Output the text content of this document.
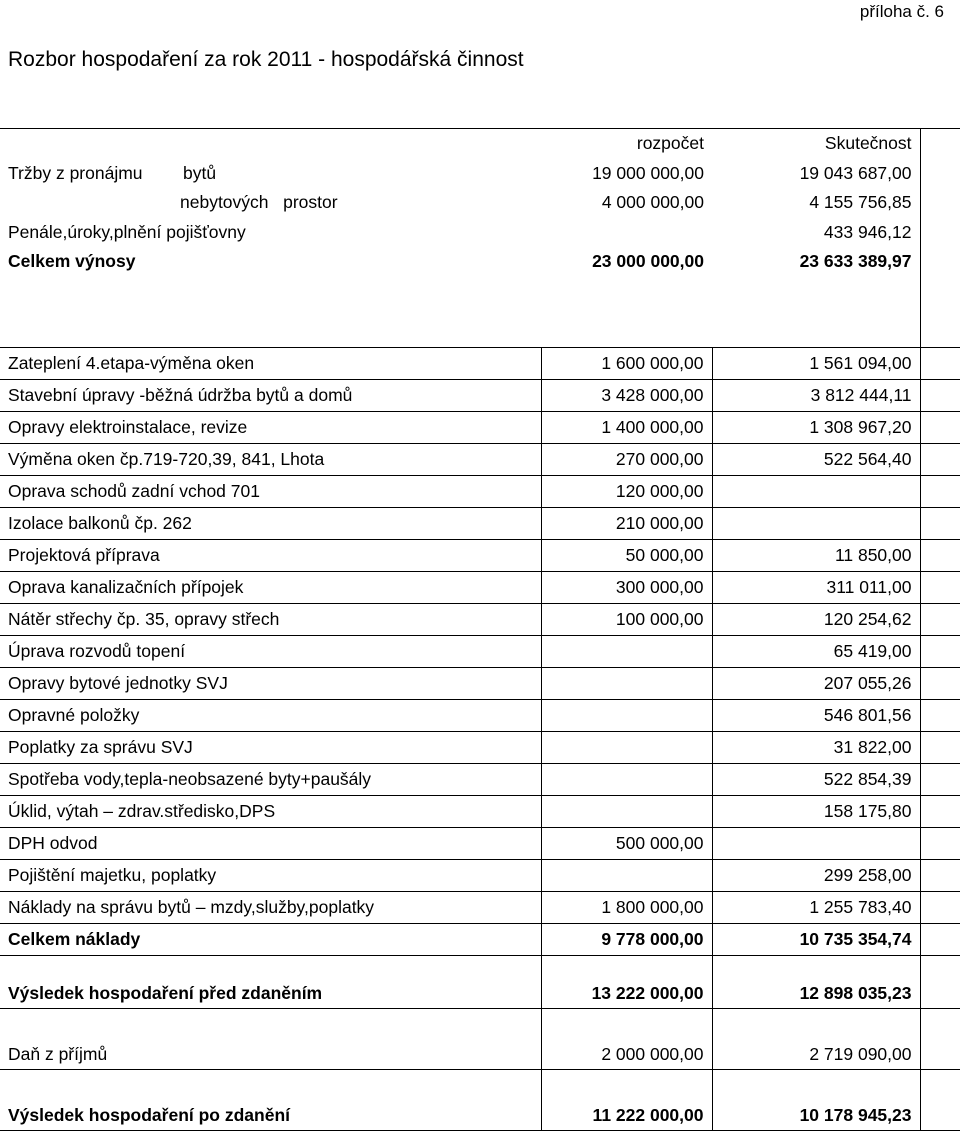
příloha č. 6
Rozbor hospodaření za rok 2011 - hospodářská činnost
	rozpočet	Skutečnost	
Tržby z pronájmu bytů	19 000 000,00	19 043 687,00	
nebytových   prostor	4 000 000,00	4 155 756,85	
Penále,úroky,plnění pojišťovny		433 946,12	
Celkem výnosy	23 000 000,00	23 633 389,97	

Zateplení 4.etapa-výměna oken	1 600 000,00	1 561 094,00	
Stavební úpravy -běžná údržba bytů a domů	3 428 000,00	3 812 444,11	
Opravy elektroinstalace, revize	1 400 000,00	1 308 967,20	
Výměna oken čp.719-720,39, 841, Lhota	270 000,00	522 564,40	
Oprava schodů zadní vchod 701	120 000,00		
Izolace balkonů čp. 262	210 000,00		
Projektová příprava	50 000,00	11 850,00	
Oprava kanalizačních přípojek	300 000,00	311 011,00	
Nátěr střechy čp. 35, opravy střech	100 000,00	120 254,62	
Úprava rozvodů topení		65 419,00	
Opravy bytové jednotky SVJ		207 055,26	
Opravné položky		546 801,56	
Poplatky za správu SVJ		31 822,00	
Spotřeba vody,tepla-neobsazené byty+paušály		522 854,39	
Úklid, výtah – zdrav.středisko,DPS		158 175,80	
DPH odvod	500 000,00		
Pojištění majetku, poplatky		299 258,00	
Náklady na správu bytů – mzdy,služby,poplatky	1 800 000,00	1 255 783,40	
Celkem náklady	9 778 000,00	10 735 354,74	
Výsledek hospodaření před zdaněním	13 222 000,00	12 898 035,23	
Daň z příjmů	2 000 000,00	2 719 090,00	
Výsledek hospodaření po zdanění	11 222 000,00	10 178 945,23	
